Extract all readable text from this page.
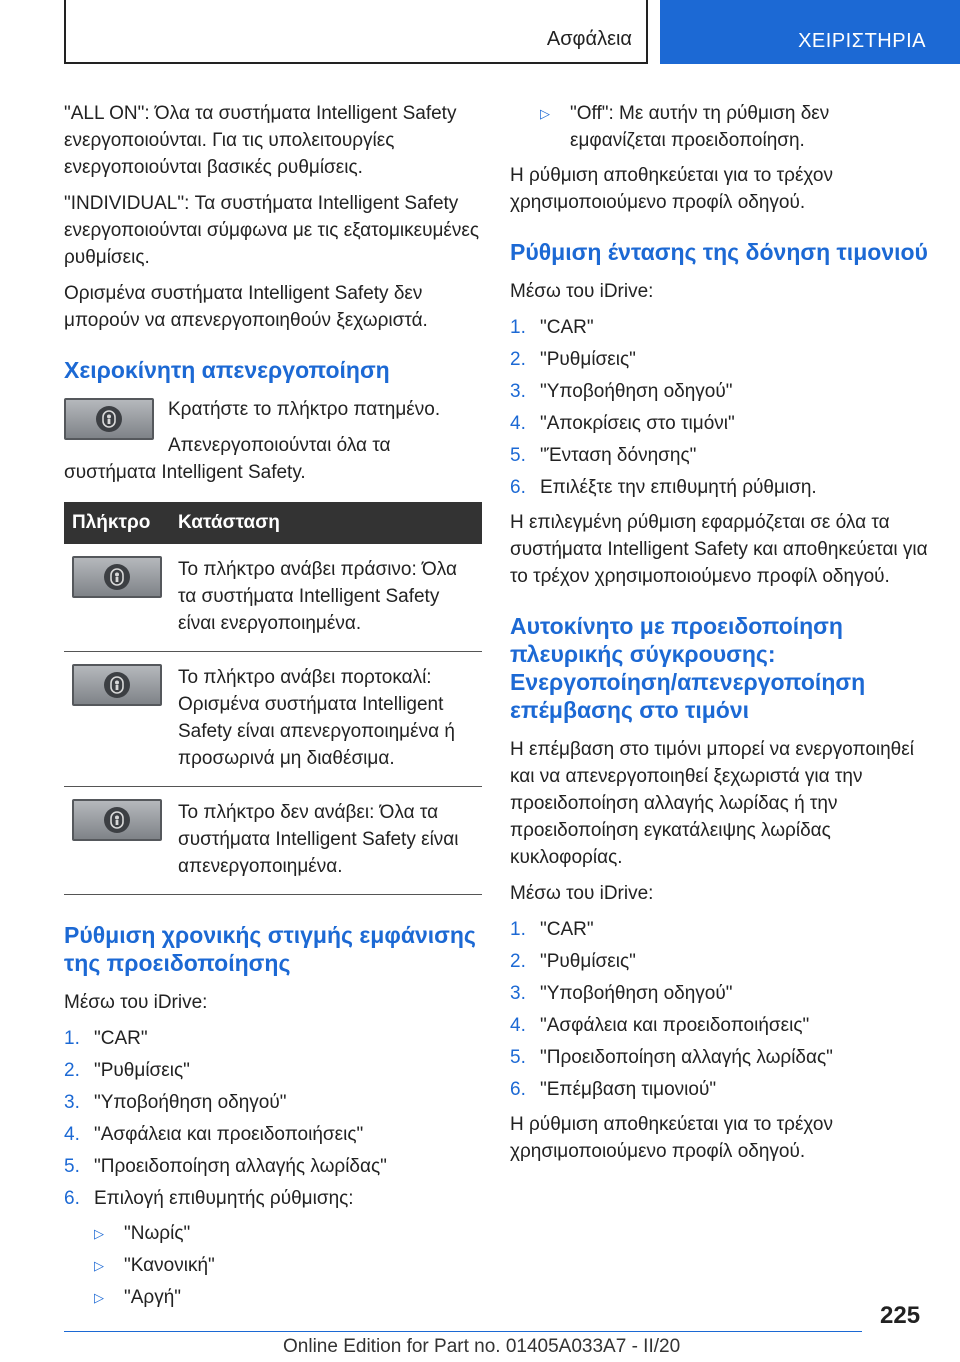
Ασφάλεια	ΧΕΙΡΙΣΤΗΡΙΑ

"ALL ON": Όλα τα συστήματα Intelligent Safety ενεργοποιούνται. Για τις υπολειτουργίες ενεργοποιούνται βασικές ρυθμίσεις.

"INDIVIDUAL": Τα συστήματα Intelligent Safety ενεργοποιούνται σύμφωνα με τις εξατομικευμένες ρυθμίσεις.

Ορισμένα συστήματα Intelligent Safety δεν μπορούν να απενεργοποιηθούν ξεχωριστά.

Χειροκίνητη απενεργοποίηση

Κρατήστε το πλήκτρο πατημένο.

Απενεργοποιούνται όλα τα συστήματα Intelligent Safety.

Πλήκτρο	Κατάσταση

	Το πλήκτρο ανάβει πράσινο: Όλα τα συστήματα Intelligent Safety είναι ενεργοποιημένα.

	Το πλήκτρο ανάβει πορτοκαλί: Ορισμένα συστήματα Intelligent Safety είναι απενεργοποιημένα ή προσωρινά μη διαθέσιμα.

	Το πλήκτρο δεν ανάβει: Όλα τα συστήματα Intelligent Safety είναι απενεργοποιημένα.
Ρύθμιση χρονικής στιγμής εμφάνισης της προειδοποίησης

Μέσω του iDrive:

1. "CAR"
2. "Ρυθμίσεις"
3. "Υποβοήθηση οδηγού"
4. "Ασφάλεια και προειδοποιήσεις"
5. "Προειδοποίηση αλλαγής λωρίδας"
6. Επιλογή επιθυμητής ρύθμισης:
▷	"Νωρίς"
▷	"Κανονική"
▷	"Αργή"
▷	"Off": Με αυτήν τη ρύθμιση δεν εμφανίζεται προειδοποίηση.

Η ρύθμιση αποθηκεύεται για το τρέχον χρησιμοποιούμενο προφίλ οδηγού.

Ρύθμιση έντασης της δόνηση τιμονιού

Μέσω του iDrive:

1. "CAR"
2. "Ρυθμίσεις"
3. "Υποβοήθηση οδηγού"
4. "Αποκρίσεις στο τιμόνι"
5. "Ένταση δόνησης"
6. Επιλέξτε την επιθυμητή ρύθμιση.

Η επιλεγμένη ρύθμιση εφαρμόζεται σε όλα τα συστήματα Intelligent Safety και αποθηκεύεται για το τρέχον χρησιμοποιούμενο προφίλ οδηγού.

Αυτοκίνητο με προειδοποίηση πλευρικής σύγκρουσης: Ενεργοποίηση/απενεργοποίηση επέμβασης στο τιμόνι

Η επέμβαση στο τιμόνι μπορεί να ενεργοποιηθεί και να απενεργοποιηθεί ξεχωριστά για την προειδοποίηση αλλαγής λωρίδας ή την προειδοποίηση εγκατάλειψης λωρίδας κυκλοφορίας.

Μέσω του iDrive:

1. "CAR"
2. "Ρυθμίσεις"
3. "Υποβοήθηση οδηγού"
4. "Ασφάλεια και προειδοποιήσεις"
5. "Προειδοποίηση αλλαγής λωρίδας"
6. "Επέμβαση τιμονιού"

Η ρύθμιση αποθηκεύεται για το τρέχον χρησιμοποιούμενο προφίλ οδηγού.

225
Online Edition for Part no. 01405A033A7 - II/20
